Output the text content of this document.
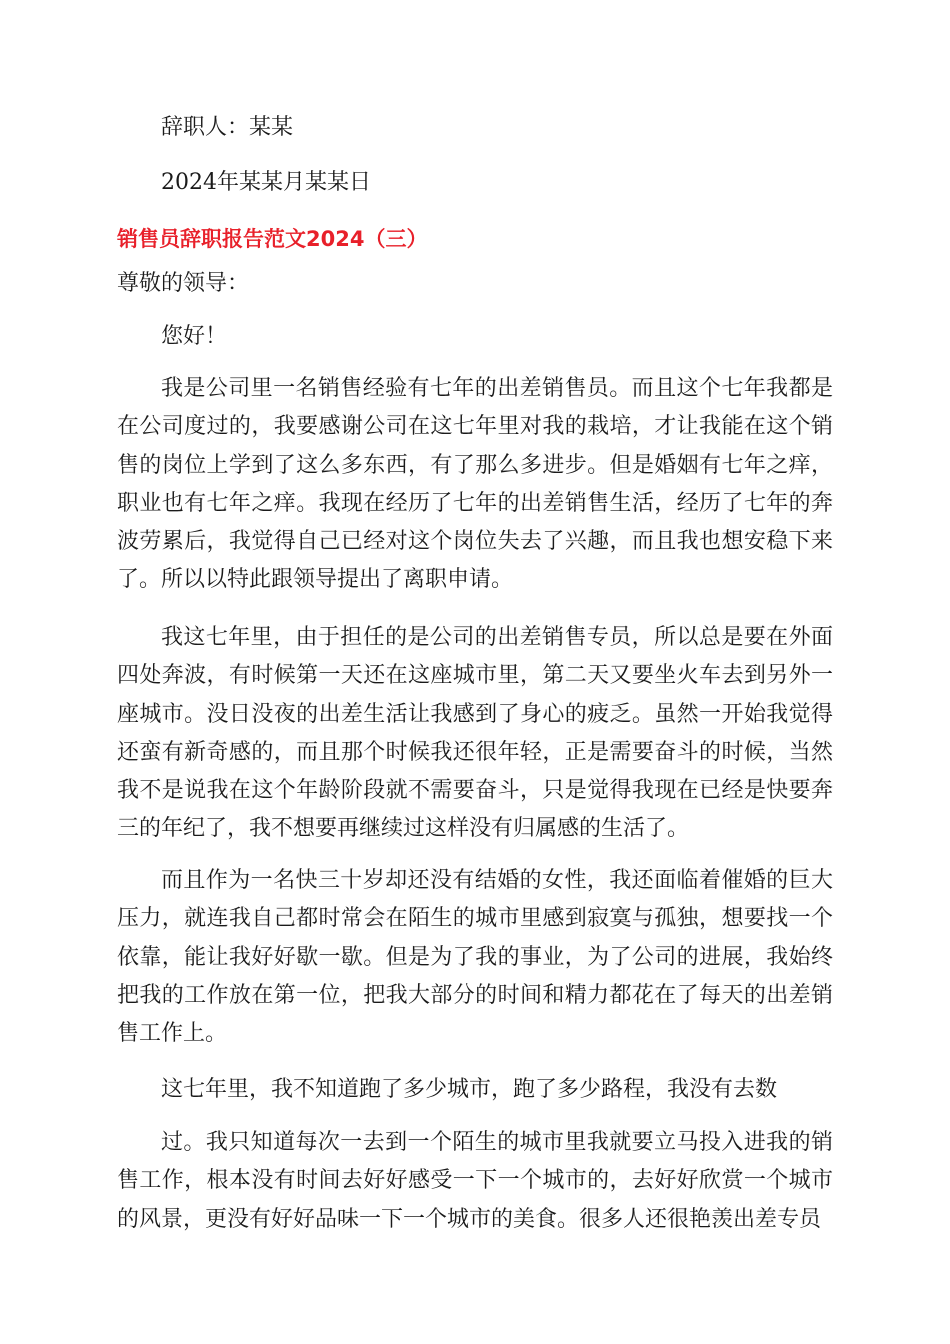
辞职人：某某
2024年某某月某某日
销售员辞职报告范文2024（三）
尊敬的领导：
您好！

我是公司里一名销售经验有七年的出差销售员。而且这个七年我都是在公司度过的，我要感谢公司在这七年里对我的栽培，才让我能在这个销售的岗位上学到了这么多东西，有了那么多进步。但是婚姻有七年之痒，职业也有七年之痒。我现在经历了七年的出差销售生活，经历了七年的奔波劳累后，我觉得自己已经对这个岗位失去了兴趣，而且我也想安稳下来了。所以以特此跟领导提出了离职申请。

我这七年里，由于担任的是公司的出差销售专员，所以总是要在外面四处奔波，有时候第一天还在这座城市里，第二天又要坐火车去到另外一座城市。没日没夜的出差生活让我感到了身心的疲乏。虽然一开始我觉得还蛮有新奇感的，而且那个时候我还很年轻，正是需要奋斗的时候，当然我不是说我在这个年龄阶段就不需要奋斗，只是觉得我现在已经是快要奔三的年纪了，我不想要再继续过这样没有归属感的生活了。

而且作为一名快三十岁却还没有结婚的女性，我还面临着催婚的巨大压力，就连我自己都时常会在陌生的城市里感到寂寞与孤独，想要找一个依靠，能让我好好歇一歇。但是为了我的事业，为了公司的进展，我始终把我的工作放在第一位，把我大部分的时间和精力都花在了每天的出差销售工作上。

这七年里，我不知道跑了多少城市，跑了多少路程，我没有去数

过。我只知道每次一去到一个陌生的城市里我就要立马投入进我的销售工作，根本没有时间去好好感受一下一个城市的，去好好欣赏一个城市的风景，更没有好好品味一下一个城市的美食。很多人还很艳羡出差专员
